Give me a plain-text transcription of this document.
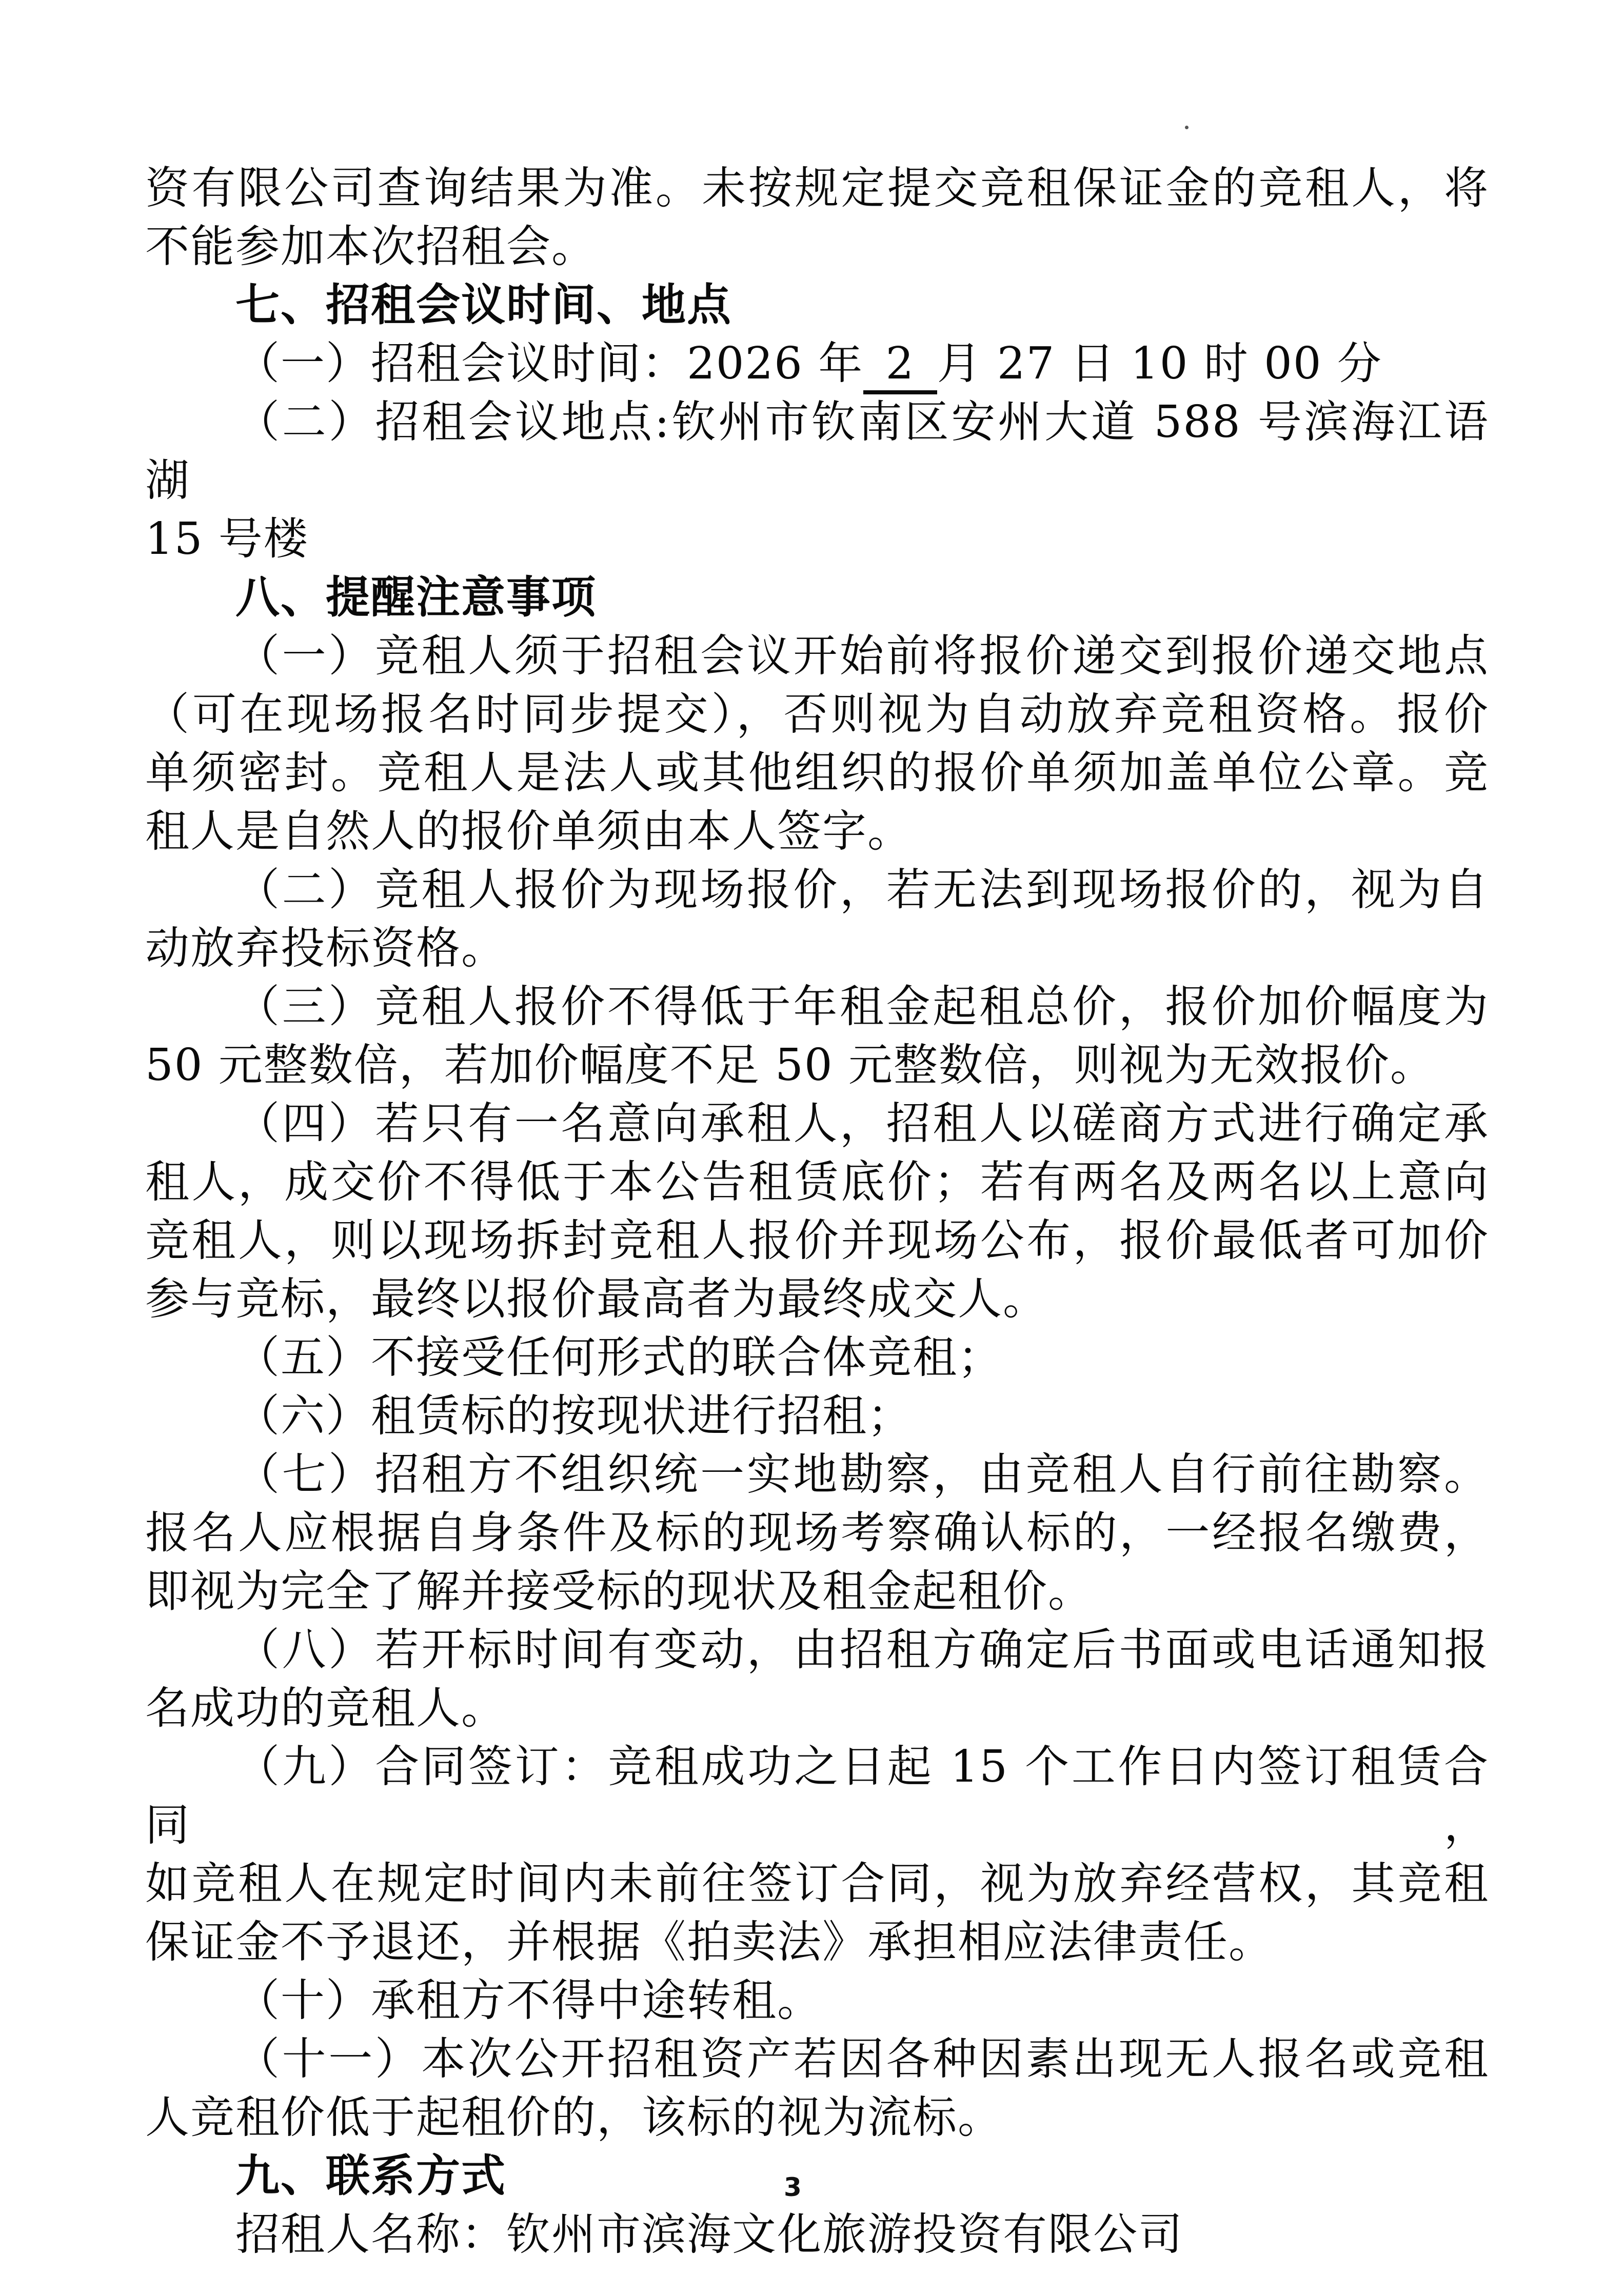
资有限公司查询结果为准。未按规定提交竞租保证金的竞租人，将
不能参加本次招租会。
七、招租会议时间、地点
（一）招租会议时间：2026 年 2 月 27 日 10 时 00 分
（二）招租会议地点:钦州市钦南区安州大道 588 号滨海江语湖
15 号楼
八、提醒注意事项
（一）竞租人须于招租会议开始前将报价递交到报价递交地点
（可在现场报名时同步提交），否则视为自动放弃竞租资格。报价
单须密封。竞租人是法人或其他组织的报价单须加盖单位公章。竞
租人是自然人的报价单须由本人签字。
（二）竞租人报价为现场报价，若无法到现场报价的，视为自
动放弃投标资格。
（三）竞租人报价不得低于年租金起租总价，报价加价幅度为
50 元整数倍，若加价幅度不足 50 元整数倍，则视为无效报价。
（四）若只有一名意向承租人，招租人以磋商方式进行确定承
租人，成交价不得低于本公告租赁底价；若有两名及两名以上意向
竞租人，则以现场拆封竞租人报价并现场公布，报价最低者可加价
参与竞标，最终以报价最高者为最终成交人。
（五）不接受任何形式的联合体竞租；
（六）租赁标的按现状进行招租；
（七）招租方不组织统一实地勘察，由竞租人自行前往勘察。
报名人应根据自身条件及标的现场考察确认标的，一经报名缴费，
即视为完全了解并接受标的现状及租金起租价。
（八）若开标时间有变动，由招租方确定后书面或电话通知报
名成功的竞租人。
（九）合同签订：竞租成功之日起 15 个工作日内签订租赁合同，
如竞租人在规定时间内未前往签订合同，视为放弃经营权，其竞租
保证金不予退还，并根据《拍卖法》承担相应法律责任。
（十）承租方不得中途转租。
（十一）本次公开招租资产若因各种因素出现无人报名或竞租
人竞租价低于起租价的，该标的视为流标。
九、联系方式
招租人名称：钦州市滨海文化旅游投资有限公司
3
